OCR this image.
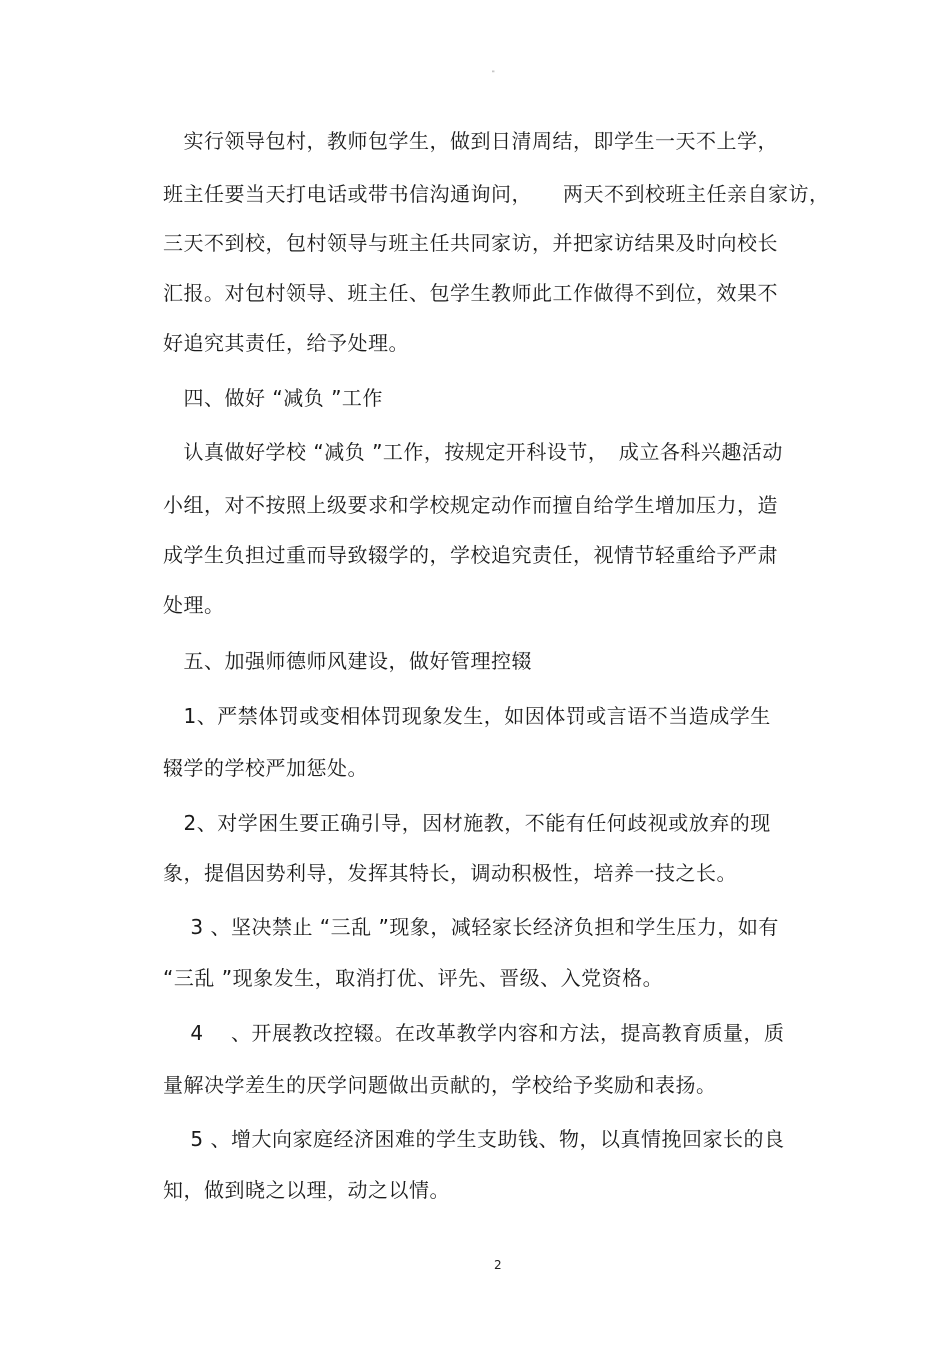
"
　实行领导包村，教师包学生，做到日清周结，即学生一天不上学，
班主任要当天打电话或带书信沟通询问，　　两天不到校班主任亲自家访，
三天不到校，包村领导与班主任共同家访，并把家访结果及时向校长
汇报。对包村领导、班主任、包学生教师此工作做得不到位，效果不
好追究其责任，给予处理。
　四、做好 “减负 ”工作
　认真做好学校 “减负 ”工作，按规定开科设节，　成立各科兴趣活动
小组，对不按照上级要求和学校规定动作而擅自给学生增加压力，造
成学生负担过重而导致辍学的，学校追究责任，视情节轻重给予严肃
处理。
　五、加强师德师风建设，做好管理控辍
　1、严禁体罚或变相体罚现象发生，如因体罚或言语不当造成学生
辍学的学校严加惩处。
　2、对学困生要正确引导，因材施教，不能有任何歧视或放弃的现
象，提倡因势利导，发挥其特长，调动积极性，培养一技之长。
　 3 、坚决禁止 “三乱 ”现象，减轻家长经济负担和学生压力，如有
“三乱 ”现象发生，取消打优、评先、晋级、入党资格。
　 4　 、开展教改控辍。在改革教学内容和方法，提高教育质量，质
量解决学差生的厌学问题做出贡献的，学校给予奖励和表扬。
　 5 、增大向家庭经济困难的学生支助钱、物，以真情挽回家长的良
知，做到晓之以理，动之以情。
2
